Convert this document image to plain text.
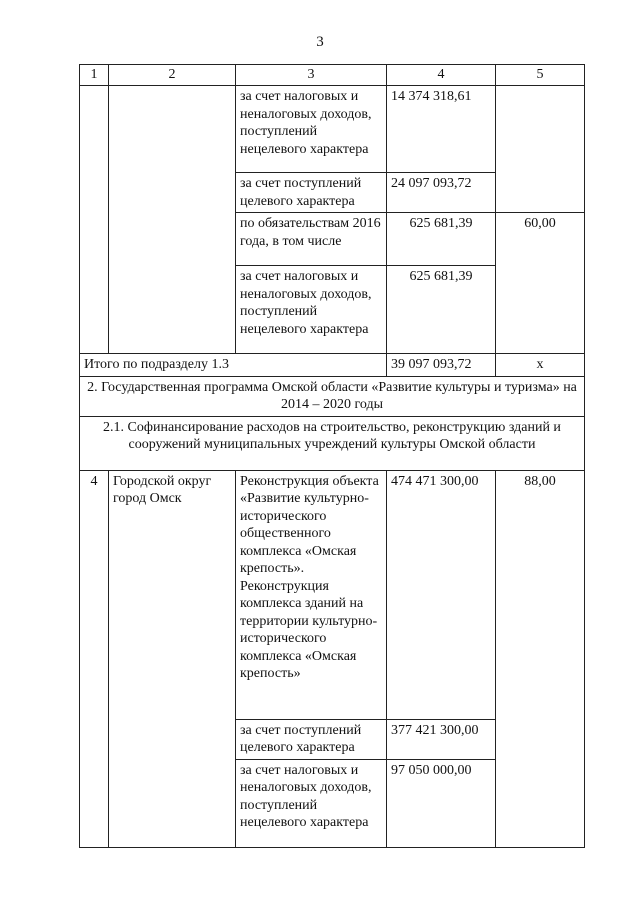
3
1	2	3	4	5
		за счет налоговых и неналоговых доходов, поступлений нецелевого характера	14 374 318,61	
		за счет поступлений целевого характера	24 097 093,72	
		по обязательствам 2016 года, в том числе	625 681,39	60,00
		за счет налоговых и неналоговых доходов, поступлений нецелевого характера	625 681,39	
Итого по подразделу 1.3			39 097 093,72	x
2. Государственная программа Омской области «Развитие культуры и туризма» на 2014 – 2020 годы				
2.1. Софинансирование расходов на строительство, реконструкцию зданий и сооружений муниципальных учреждений культуры Омской области				
4	Городской округ город Омск	Реконструкция объекта «Развитие культурно-исторического общественного комплекса «Омская крепость». Реконструкция комплекса зданий на территории культурно-исторического комплекса «Омская крепость»	474 471 300,00	88,00
		за счет поступлений целевого характера	377 421 300,00	
		за счет налоговых и неналоговых доходов, поступлений нецелевого характера	97 050 000,00	
